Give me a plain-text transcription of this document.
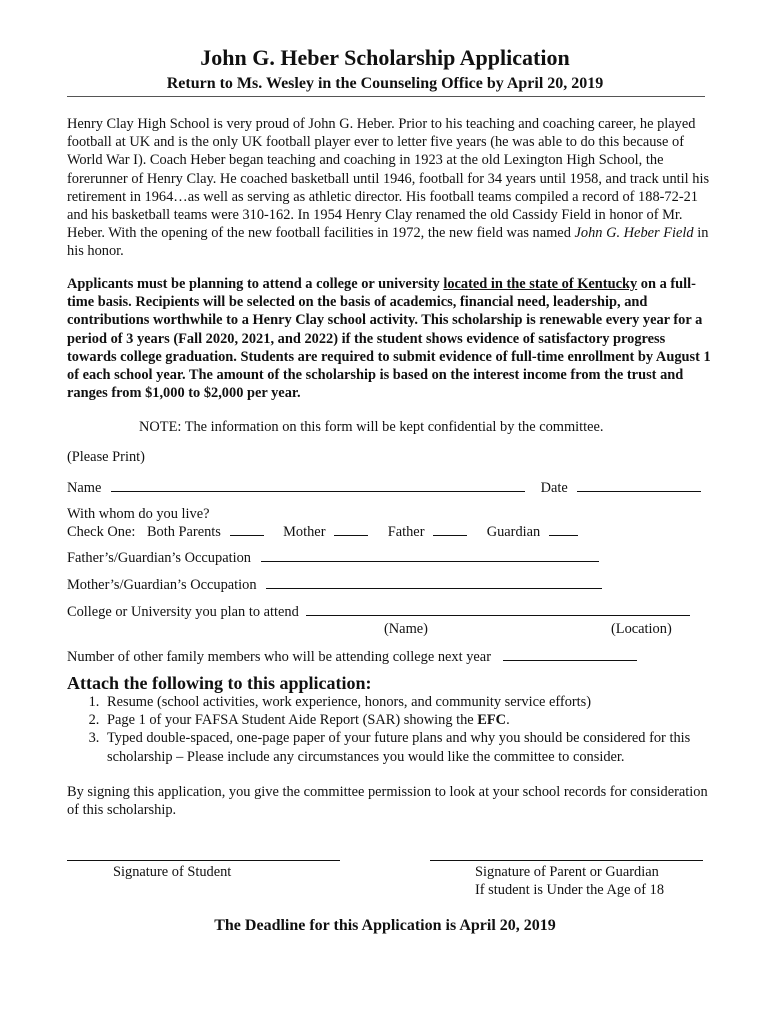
John G. Heber Scholarship Application
Return to Ms. Wesley in the Counseling Office by April 20, 2019
Henry Clay High School is very proud of John G. Heber. Prior to his teaching and coaching career, he played football at UK and is the only UK football player ever to letter five years (he was able to do this because of World War I). Coach Heber began teaching and coaching in 1923 at the old Lexington High School, the forerunner of Henry Clay. He coached basketball until 1946, football for 34 years until 1958, and track until his retirement in 1964…as well as serving as athletic director. His football teams compiled a record of 188-72-21 and his basketball teams were 310-162. In 1954 Henry Clay renamed the old Cassidy Field in honor of Mr. Heber. With the opening of the new football facilities in 1972, the new field was named John G. Heber Field in his honor.
Applicants must be planning to attend a college or university located in the state of Kentucky on a full-time basis. Recipients will be selected on the basis of academics, financial need, leadership, and contributions worthwhile to a Henry Clay school activity. This scholarship is renewable every year for a period of 3 years (Fall 2020, 2021, and 2022) if the student shows evidence of satisfactory progress towards college graduation. Students are required to submit evidence of full-time enrollment by August 1 of each school year. The amount of the scholarship is based on the interest income from the trust and ranges from $1,000 to $2,000 per year.
NOTE: The information on this form will be kept confidential by the committee.
(Please Print)
Name	Date
With whom do you live?
Check One: Both Parents	Mother	Father	Guardian
Father’s/Guardian’s Occupation
Mother’s/Guardian’s Occupation
College or University you plan to attend
(Name)	(Location)
Number of other family members who will be attending college next year
Attach the following to this application:
1. Resume (school activities, work experience, honors, and community service efforts)
2. Page 1 of your FAFSA Student Aide Report (SAR) showing the EFC.
3. Typed double-spaced, one-page paper of your future plans and why you should be considered for this scholarship – Please include any circumstances you would like the committee to consider.
By signing this application, you give the committee permission to look at your school records for consideration of this scholarship.
Signature of Student	Signature of Parent or Guardian
If student is Under the Age of 18
The Deadline for this Application is April 20, 2019
